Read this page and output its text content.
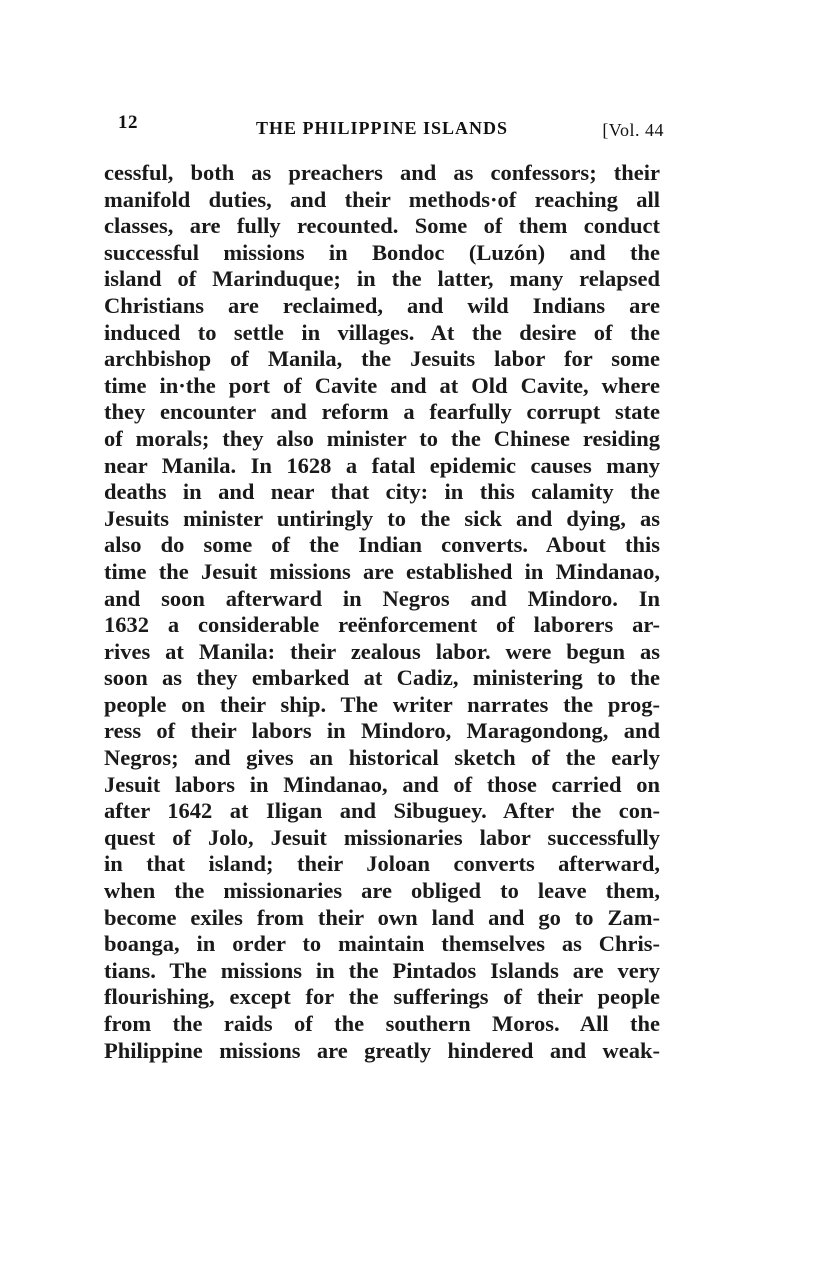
12	THE PHILIPPINE ISLANDS	[Vol. 44
cessful, both as preachers and as confessors; their
manifold duties, and their methods·of reaching all
classes, are fully recounted. Some of them conduct
successful missions in Bondoc (Luzón) and the
island of Marinduque; in the latter, many relapsed
Christians are reclaimed, and wild Indians are
induced to settle in villages. At the desire of the
archbishop of Manila, the Jesuits labor for some
time in·the port of Cavite and at Old Cavite, where
they encounter and reform a fearfully corrupt state
of morals; they also minister to the Chinese residing
near Manila. In 1628 a fatal epidemic causes many
deaths in and near that city: in this calamity the
Jesuits minister untiringly to the sick and dying, as
also do some of the Indian converts. About this
time the Jesuit missions are established in Mindanao,
and soon afterward in Negros and Mindoro. In
1632 a considerable reënforcement of laborers ar-
rives at Manila: their zealous labor. were begun as
soon as they embarked at Cadiz, ministering to the
people on their ship. The writer narrates the prog-
ress of their labors in Mindoro, Maragondong, and
Negros; and gives an historical sketch of the early
Jesuit labors in Mindanao, and of those carried on
after 1642 at Iligan and Sibuguey. After the con-
quest of Jolo, Jesuit missionaries labor successfully
in that island; their Joloan converts afterward,
when the missionaries are obliged to leave them,
become exiles from their own land and go to Zam-
boanga, in order to maintain themselves as Chris-
tians. The missions in the Pintados Islands are very
flourishing, except for the sufferings of their people
from the raids of the southern Moros. All the
Philippine missions are greatly hindered and weak-
